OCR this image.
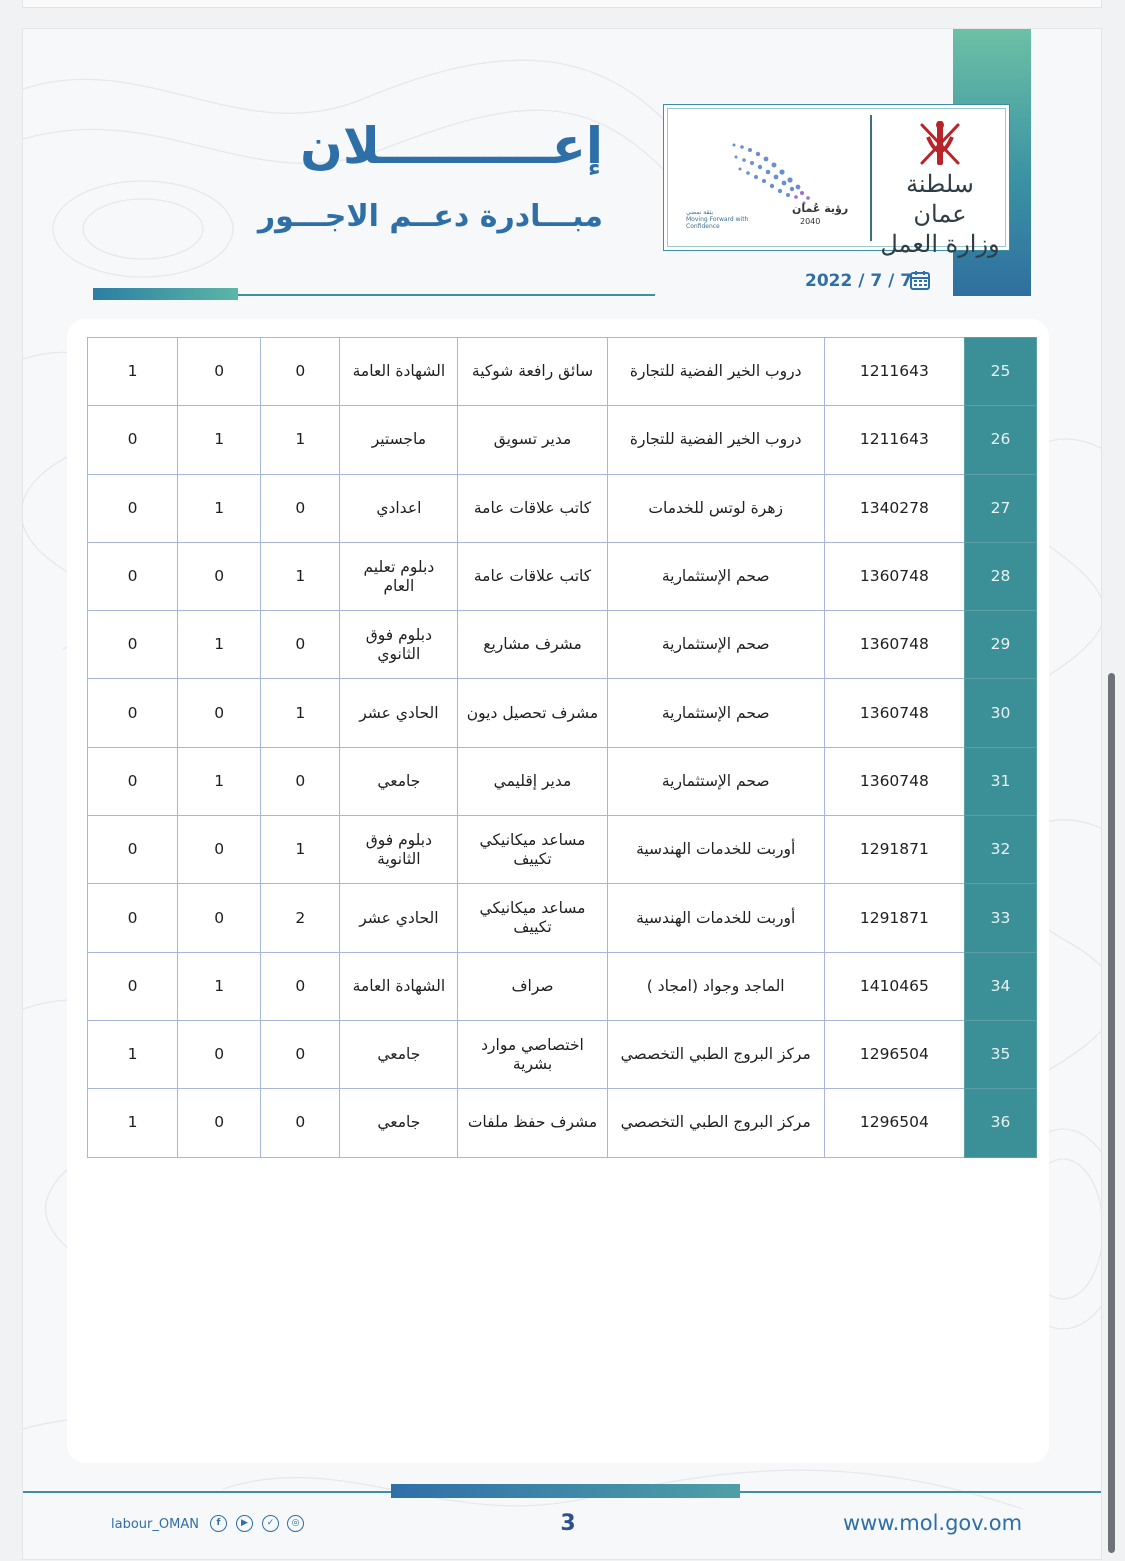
سلطنة عمان
وزارة العمل
رؤية عُمان
2040
بثقة نمضي
Moving Forward with Confidence
إعــــــــــلان
مبـــادرة دعــم الاجـــور
2022 / 7 / 7
25	1211643	دروب الخير الفضية للتجارة	سائق رافعة شوكية	الشهادة العامة	0	0	1
26	1211643	دروب الخير الفضية للتجارة	مدير تسويق	ماجستير	1	1	0
27	1340278	زهرة لوتس للخدمات	كاتب علاقات عامة	اعدادي	0	1	0
28	1360748	صحم الإستثمارية	كاتب علاقات عامة	دبلوم تعليم العام	1	0	0
29	1360748	صحم الإستثمارية	مشرف مشاريع	دبلوم فوق الثانوي	0	1	0
30	1360748	صحم الإستثمارية	مشرف تحصيل ديون	الحادي عشر	1	0	0
31	1360748	صحم الإستثمارية	مدير إقليمي	جامعي	0	1	0
32	1291871	أوربت للخدمات الهندسية	مساعد ميكانيكي تكييف	دبلوم فوق الثانوية	1	0	0
33	1291871	أوربت للخدمات الهندسية	مساعد ميكانيكي تكييف	الحادي عشر	2	0	0
34	1410465	الماجد وجواد (امجاد )	صراف	الشهادة العامة	0	1	0
35	1296504	مركز البروج الطبي التخصصي	اختصاصي موارد بشرية	جامعي	0	0	1
36	1296504	مركز البروج الطبي التخصصي	مشرف حفظ ملفات	جامعي	0	0	1
labour_OMAN	f	▶	✓	◎	3	www.mol.gov.om
